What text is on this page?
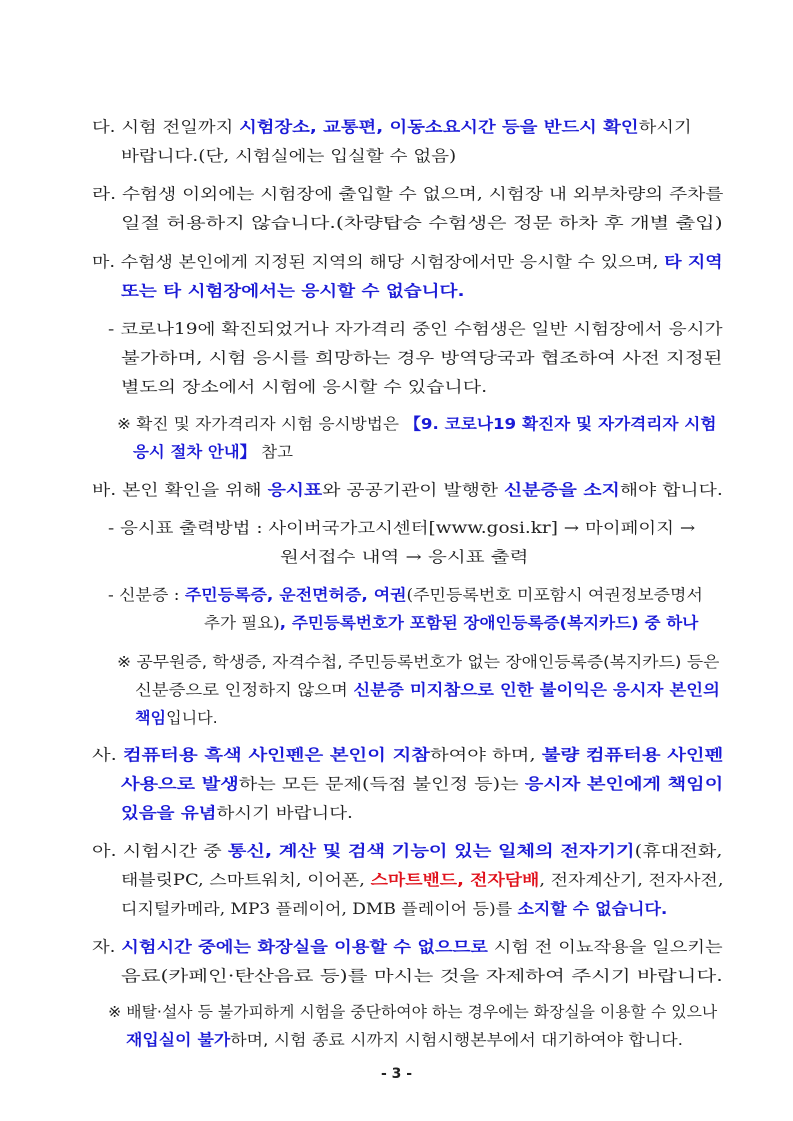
다. 시험 전일까지 시험장소, 교통편, 이동소요시간 등을 반드시 확인하시기
바랍니다.(단, 시험실에는 입실할 수 없음)
라. 수험생 이외에는 시험장에 출입할 수 없으며, 시험장 내 외부차량의 주차를
일절 허용하지 않습니다.(차량탑승 수험생은 정문 하차 후 개별 출입)
마. 수험생 본인에게 지정된 지역의 해당 시험장에서만 응시할 수 있으며, 타 지역
또는 타 시험장에서는 응시할 수 없습니다.
- 코로나19에 확진되었거나 자가격리 중인 수험생은 일반 시험장에서 응시가
불가하며, 시험 응시를 희망하는 경우 방역당국과 협조하여 사전 지정된
별도의 장소에서 시험에 응시할 수 있습니다.
※ 확진 및 자가격리자 시험 응시방법은 【9. 코로나19 확진자 및 자가격리자 시험
응시 절차 안내】 참고
바. 본인 확인을 위해 응시표와 공공기관이 발행한 신분증을 소지해야 합니다.
- 응시표 출력방법 : 사이버국가고시센터[www.gosi.kr] → 마이페이지 →
원서접수 내역 → 응시표 출력
- 신분증 : 주민등록증, 운전면허증, 여권(주민등록번호 미포함시 여권정보증명서
추가 필요), 주민등록번호가 포함된 장애인등록증(복지카드) 중 하나
※ 공무원증, 학생증, 자격수첩, 주민등록번호가 없는 장애인등록증(복지카드) 등은
신분증으로 인정하지 않으며 신분증 미지참으로 인한 불이익은 응시자 본인의
책임입니다.
사. 컴퓨터용 흑색 사인펜은 본인이 지참하여야 하며, 불량 컴퓨터용 사인펜
사용으로 발생하는 모든 문제(득점 불인정 등)는 응시자 본인에게 책임이
있음을 유념하시기 바랍니다.
아. 시험시간 중 통신, 계산 및 검색 기능이 있는 일체의 전자기기(휴대전화,
태블릿PC, 스마트워치, 이어폰, 스마트밴드, 전자담배, 전자계산기, 전자사전,
디지털카메라, MP3 플레이어, DMB 플레이어 등)를 소지할 수 없습니다.
자. 시험시간 중에는 화장실을 이용할 수 없으므로 시험 전 이뇨작용을 일으키는
음료(카페인·탄산음료 등)를 마시는 것을 자제하여 주시기 바랍니다.
※ 배탈·설사 등 불가피하게 시험을 중단하여야 하는 경우에는 화장실을 이용할 수 있으나
재입실이 불가하며, 시험 종료 시까지 시험시행본부에서 대기하여야 합니다.
- 3 -
